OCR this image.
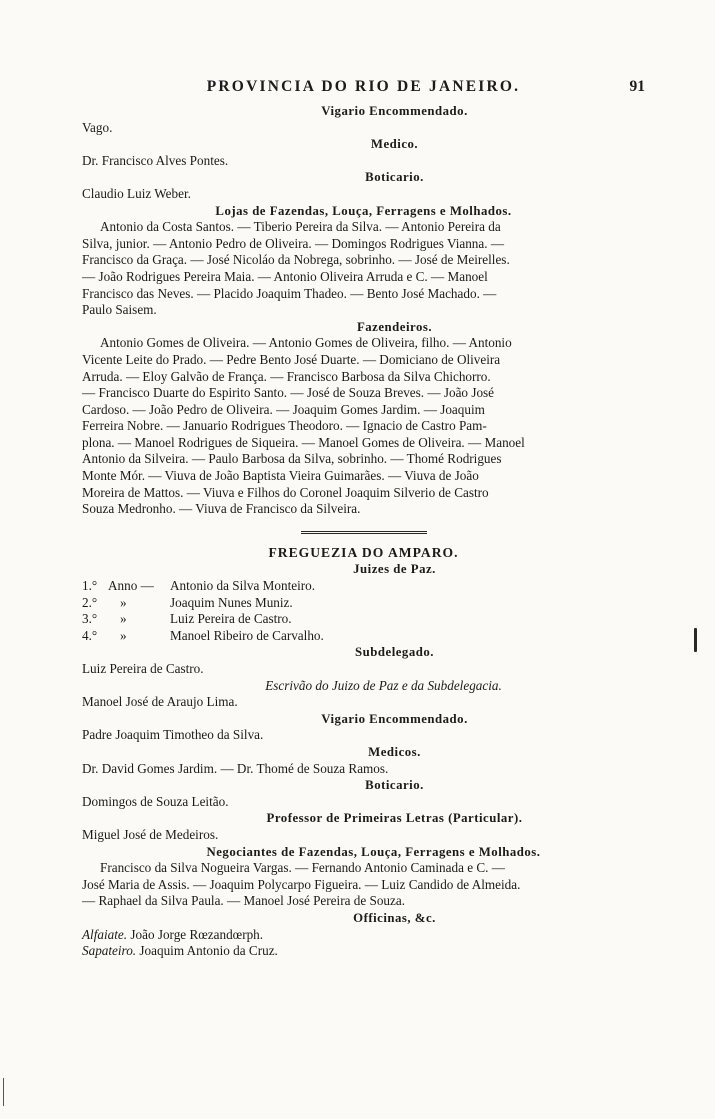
PROVINCIA DO RIO DE JANEIRO.	91
Vigario Encommendado.

Vago.

Medico.

Dr. Francisco Alves Pontes.

Boticario.

Claudio Luiz Weber.

Lojas de Fazendas, Louça, Ferragens e Molhados.
Antonio da Costa Santos. — Tiberio Pereira da Silva. — Antonio Pereira da
Silva, junior. — Antonio Pedro de Oliveira. — Domingos Rodrigues Vianna. —
Francisco da Graça. — José Nicoláo da Nobrega, sobrinho. — José de Meirelles.
— João Rodrigues Pereira Maia. — Antonio Oliveira Arruda e C. — Manoel
Francisco das Neves. — Placido Joaquim Thadeo. — Bento José Machado. —
Paulo Saisem.
Fazendeiros.
Antonio Gomes de Oliveira. — Antonio Gomes de Oliveira, filho. — Antonio
Vicente Leite do Prado. — Pedre Bento José Duarte. — Domiciano de Oliveira
Arruda. — Eloy Galvão de França. — Francisco Barbosa da Silva Chichorro.
— Francisco Duarte do Espirito Santo. — José de Souza Breves. — João José
Cardoso. — João Pedro de Oliveira. — Joaquim Gomes Jardim. — Joaquim
Ferreira Nobre. — Januario Rodrigues Theodoro. — Ignacio de Castro Pam-
plona. — Manoel Rodrigues de Siqueira. — Manoel Gomes de Oliveira. — Manoel
Antonio da Silveira. — Paulo Barbosa da Silva, sobrinho. — Thomé Rodrigues
Monte Mór. — Viuva de João Baptista Vieira Guimarães. — Viuva de João
Moreira de Mattos. — Viuva e Filhos do Coronel Joaquim Silverio de Castro
Souza Medronho. — Viuva de Francisco da Silveira.
FREGUEZIA DO AMPARO.
Juizes de Paz.
1.° Anno —	Antonio da Silva Monteiro.
2.°	»	Joaquim Nunes Muniz.
3.°	»	Luiz Pereira de Castro.
4.°	»	Manoel Ribeiro de Carvalho.
Subdelegado.

Luiz Pereira de Castro.

Escrivão do Juizo de Paz e da Subdelegacia.

Manoel José de Araujo Lima.

Vigario Encommendado.

Padre Joaquim Timotheo da Silva.

Medicos.

Dr. David Gomes Jardim. — Dr. Thomé de Souza Ramos.

Boticario.

Domingos de Souza Leitão.

Professor de Primeiras Letras (Particular).

Miguel José de Medeiros.

Negociantes de Fazendas, Louça, Ferragens e Molhados.
Francisco da Silva Nogueira Vargas. — Fernando Antonio Caminada e C. —
José Maria de Assis. — Joaquim Polycarpo Figueira. — Luiz Candido de Almeida.
— Raphael da Silva Paula. — Manoel José Pereira de Souza.
Officinas, &c.
Alfaiate. João Jorge Rœzandœrph.
Sapateiro. Joaquim Antonio da Cruz.
